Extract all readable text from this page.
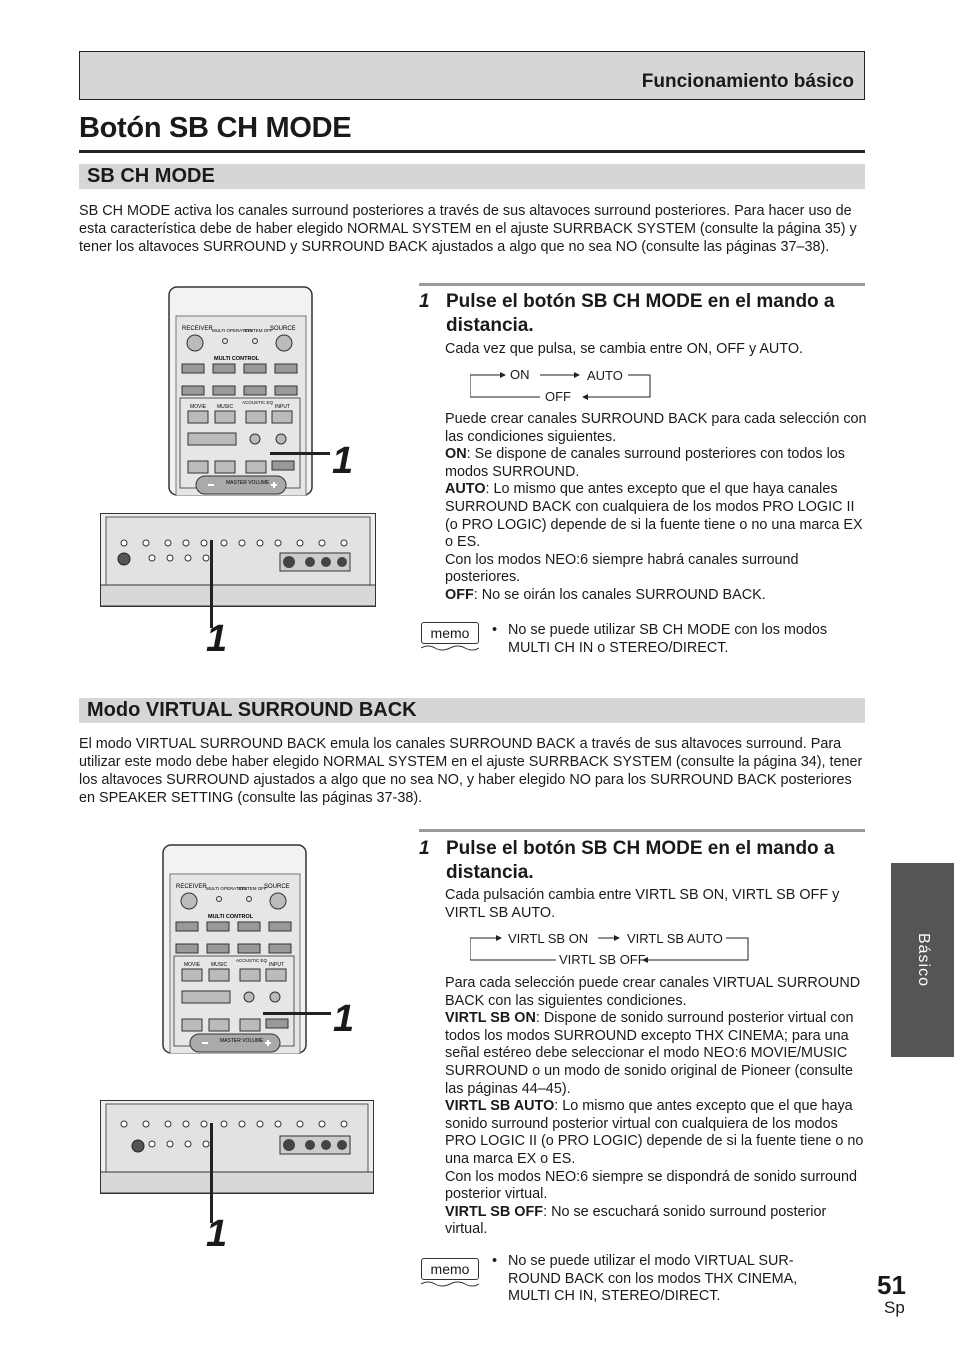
Funcionamiento básico
Botón SB CH MODE
SB CH MODE
SB CH MODE activa los canales surround posteriores a través de sus altavoces surround posteriores. Para hacer uso de esta característica debe de haber elegido NORMAL SYSTEM en el ajuste SURRBACK SYSTEM (consulte la página 35) y tener los altavoces SURROUND y SURROUND BACK ajustados a algo que no sea NO (consulte las páginas 37–38).
RECEIVER MULTI OPERATION
SYSTEM OFF
SOURCE
MULTI CONTROL
MOVIE MUSIC
ACOUSTIC EQ
INPUT
MASTER VOLUME
1
1
1 Pulse el botón SB CH MODE en el mando a distancia.
Cada vez que pulsa, se cambia entre ON, OFF y AUTO.
ON	AUTO
OFF

Puede crear canales SURROUND BACK para cada selección con las condiciones siguientes.

ON: Se dispone de canales surround posteriores con todos los modos SURROUND.

AUTO: Lo mismo que antes excepto que el que haya canales SURROUND BACK con cualquiera de los modos PRO LOGIC II (o PRO LOGIC) depende de si la fuente tiene o no una marca EX o ES.

Con los modos NEO:6 siempre habrá canales surround posteriores.

OFF: No se oirán los canales SURROUND BACK.

memo	• No se puede utilizar SB CH MODE con los modos MULTI CH IN o STEREO/DIRECT.
Modo VIRTUAL SURROUND BACK
El modo VIRTUAL SURROUND BACK emula los canales SURROUND BACK a través de sus altavoces surround. Para utilizar este modo debe haber elegido NORMAL SYSTEM en el ajuste SURRBACK SYSTEM (consulte la página 34), tener los altavoces SURROUND ajustados a algo que no sea NO, y haber elegido NO para los SURROUND BACK posteriores en SPEAKER SETTING (consulte las páginas 37-38).
RECEIVER MULTI OPERATION
SYSTEM OFF
SOURCE
MULTI CONTROL
MOVIE MUSIC
ACOUSTIC EQ
INPUT
MASTER VOLUME
1
1
1 Pulse el botón SB CH MODE en el mando a distancia.
Cada pulsación cambia entre VIRTL SB ON, VIRTL SB OFF y VIRTL SB AUTO.
VIRTL SB ON	VIRTL SB AUTO
VIRTL SB OFF

Para cada selección puede crear canales VIRTUAL SURROUND BACK con las siguientes condiciones.

VIRTL SB ON: Dispone de sonido surround posterior virtual con todos los modos SURROUND excepto THX CINEMA; para una señal estéreo debe seleccionar el modo NEO:6 MOVIE/MUSIC SURROUND o un modo de sonido original de Pioneer (consulte las páginas 44–45).

VIRTL SB AUTO: Lo mismo que antes excepto que el que haya sonido surround posterior virtual con cualquiera de los modos PRO LOGIC II (o PRO LOGIC) depende de si la fuente tiene o no una marca EX o ES.

Con los modos NEO:6 siempre se dispondrá de sonido surround posterior virtual.

VIRTL SB OFF: No se escuchará sonido surround posterior virtual.

memo	• No se puede utilizar el modo VIRTUAL SUR-ROUND BACK con los modos THX CINEMA, MULTI CH IN, STEREO/DIRECT.
Básico
51
Sp
